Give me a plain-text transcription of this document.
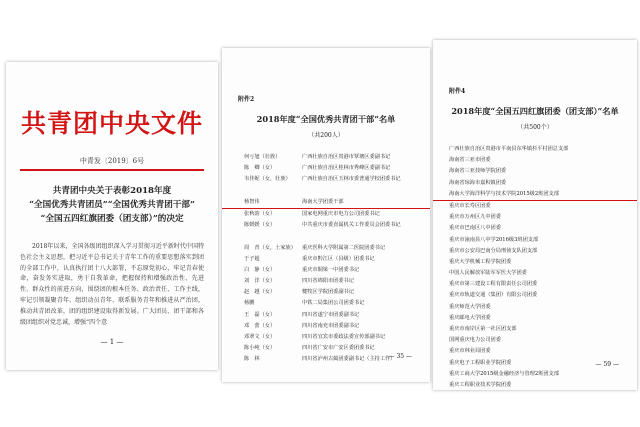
共青团中央文件
中青发〔2019〕6号
共青团中央关于表彰2018年度
“全国优秀共青团员”“全国优秀共青团干部”
“全国五四红旗团委（团支部）”的决定
2018年以来，全国各级团组织深入学习贯彻习近平新时代中国特色社会主义思想，把习近平总书记关于青年工作的重要思想落实到团的全部工作中，认真执行团十八大部署，不忘原党初心，牢记青春使命，奋发务实进取，勇于自我革命，把握保持和增强政治性、先进性、群众性的前进方向，围绕团的根本任务、政治责任、工作主线，牢记引领凝聚青年、组织动员青年、联系服务青年和推进从严治团，推动共青团改革，团的组织建设取得新发展。广大团员、团干部和各级团组织对党忠诚，增强“四个意
— 1 —
附件2
2018年度“全国优秀共青团干部”名单
（共200人）
何亏旭（壮族）	广西壮族自治区贵港市覃塘区委副书记
陈　卿（女）	广西壮族自治区桂林市秀峰区委副书记
韦佳妮（女，壮族） 广西壮族自治区玉林市委普通学校团委书记
杨智伟	海南大学团委干部
张秋韵（女）	国家电网重庆市电力公司团委书记
陈媛媛（女）	中共重庆市委直属机关工作委员会团委书记
周　青（女，土家族） 重庆医科大学附属第二医院团委书记
于子超	重庆市黔江区（县级）团委书记
白　静（女）	重庆市铜梁一中团委书记
刘　洋（女）	四川省绵阳市团委书记
赵　越（女）	犍牧区学院团委副书记
杨鹏	中铁二局集团公司团委书记
王　磊（女）	四川省遂宁市团委副书记
邓　蕾（女）	四川省南充市团委副书记
邓翠文（女）	四川省宜宾市委政法委宣传部副书记
陈小纯（女）	四川省广安市广安区委团委书记
陈　林	四川省泸州古蔺团委副书记（主持工作）
— 35 —
附件4
2018年度“全国五四红旗团委（团支部）”名单
（共500个）
广西壮族自治区贵港市平南县东华镇杉平村团总支部
海南省三亚市团委
海南省三亚技师学院团委
海南省琼海市嘉积镇团委
海南大学海洋科学与技术学院2015级2班团支部
重庆市长寿区团委
重庆市万州区九中团委
重庆市巴南区八中团委
重庆市潼南县八中学2016级3班团支部
重庆市公安局巴南分局刑侦支队团支部
重庆大学机械工程学院团委
中国人民解放军陆军军医大学团委
重庆市第三建设工程有限责任公司团委
重庆市轨道交通（集团）有限公司团委
重庆师范大学团委
重庆邮电大学团委
重庆市南岸区第一社区团支部
国网重庆电力公司团委
重庆市林业局团委
重庆电子工程职业学院团委
重庆工商大学2015级金融经济与管理2班团支部
重庆工程职业技术学院团委
— 59 —
